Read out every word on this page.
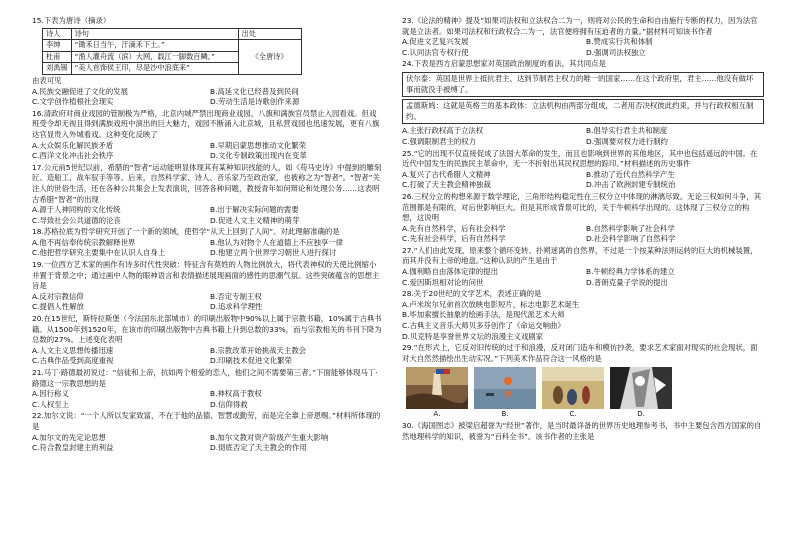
15.下表为唐诗（摘录）
诗人	诗句	出处
李绅	“锄禾日当午，汗滴禾下土。”	《全唐诗》
杜甫	“渔人灌舟流（滨）大网，载江一脚数百鳞。”	
刘禹锡	“美人首饰侯王印，尽是沙中浪底来”	
由表可见
A.民族交融促进了文化的发展	B.高延文化已经普及到民间
C.文学创作植根社会现实	D.劳动生活是诗歌创作来源
16.清政府对商业戏园的管制极为严格，北京内城严禁出现商业戏园，八旗和满族官员禁止入园看戏。但戏班受令却无视且得到满族戏班中演出的巨大魅力，戏园不断涌入北京城，且私营戏园也迅速发展，更有八旗达官显贵入外城看戏。这种变化反映了
A.大众娱乐化解民族矛盾	B.早期启蒙思想推动文化繁荣
C.西洋文化冲击社会秩序	D.文化专制政策出现内在变革
17.公元前5世纪以前，希腊的“智者”运动能明显体现其有某种知识找能的人，如《苟马史诗》中提到的雕刻匠、造船工、战车驭手等等。后来，自然科学家、诗人、音乐家乃至政治家，也被称之为“智者”。“智者”关注人的世俗生活，还在各种公共集会上发表演说，回答各种问题，教授青年如何辩论和处理公务……这表明古希腊“智者”的出现
A.源于人神同构的文化传统	B.出于解决实际问题的需要
C.导致社会公共道德的沦丧	D.促进人文主义精神的萌芽
18.苏格拉底为哲学研究开创了一个新的领域，使哲学“从天上回到了人间”。对此理解准确的是
A.他不再信奉传统宗教解释世界	B.他认为对物个人在道德上不应独享一律
C.他把哲学研究主要集中在认识人自身上	D.他建立两个世界学习朝世人进行探讨
19.一位西方艺术家的画作有诗多时代性突破：特征含有莫姓的人物比例放大，将代表神权的天使比例缩小并置于背景之中；通过画中人物的眼神语言和表情描述展现画面的感性的思潮气氛。这些突破蕴含的思想主旨是
A.反对宗教信仰	B.否定专制王权
C.提倡人性解放	D.追求科学理性
20.在15世纪，斯特拉斯堡（今法国东北部城市）的印刷出版物中90%以上属于宗教书籍，10%属于古典书籍。从1500年到1520年，在该市的印刷出版物中古典书籍上升到总数的33%，而与宗教相关的书刊下降为总数的27%。上述变化表明
A.人文主义思想传播迅速	B.宗教改革开始挑战天主教会
C.古典作品受到高度重视	D.印刷技术促进文化繁荣
21.马丁·路德最初说过：“信徒和上帝，抗如两个相爱的恋人，他们之间不需要第三者。”下面能够体现马丁·路德这一宗教思想的是
A.因行称义	B.神权高于教权
C.人权至上	D.信仰得救
22.加尔文说：“一个人所以发家致富，不在于他的品德、智慧或勤劳，而是完全靠上帝恩赐。”材料所体现的是
A.加尔文的先定论思想	B.加尔文教对资产阶级产生重大影响
C.符合教皇封建主的利益	D.彻底否定了天主教会的作用
23.《论法的精神》提及“如果司法权和立法权合二为一，则将对公民的生命和自由施行专断的权力，因为法官就是立法者。如果司法权和行政权合二为一，法官便将拥有压迫者的力量。”据材料可知该书作者
A.促进文艺复兴发展	B.赞成实行共和体制
C.认同法官专权行使	D.强调司法权独立
24.下表是西方启蒙思想家对英国政治制度的看法，其共同点是
伏尔泰：英国是世界上抵抗君主、达到节制君主权力的唯一的国家……在这个政府里，君主……他没有做坏事而就没手被缚了。
孟德斯鸠：这就是英格兰的基本政体：立法机构由两部分组成，二者用否决权彼此约束，并与行政权相互制约。
A.主张行政权高于立法权	B.倡导实行君主共和制度
C.强调限制君主的权力	D.强调要对权力进行制约
25.“它的出现不仅直接促成了法国大革命的发生，而且也影响到世界的其他地区，其中也包括遥远的中国。在近代中国发生的民族民主革命中，无一不折射出其民权思想的踪印。”材料描述的历史事件
A.复兴了古代希腊人文精神	B.推动了近代自然科学产生
C.打破了天主教会精神独裁	D.冲击了欧洲封建专制统治
26.三权分立的构想来源于数学理论，三角形结构稳定性在三权分立中体现的淋漓尽致。无论三权如何斗争，其范围都是有限的，对后世影响巨大。但是其形成背景可比的，关于牛顿科学出现的。这体现了三权分立的构想，这说明
A.先有自然科学，后有社会科学	B.自然科学影响了社会科学
C.先有社会科学，后有自然科学	D.社会科学影响了自然科学
27.“人们由此发现，原来整个循环变转、扑朔迷离的自然界，不过是一个按某种法则运转的巨大的机械装置，而其并没有上帝的地盘。”这种认识的产生是由于
A.伽利略自由落体定律的提出	B.牛顿经典力学体系的建立
C.爱因斯坦相对论的问世	D.普朗克量子学说的提出
28.关于20世纪的文学艺术，表述正确的是
A.卢米埃尔兄弟首次放映电影短片，标志电影艺术诞生
B.毕加索擅长抽象的绘画手法，是现代派艺术大师
C.古典主义音乐大师贝多芬创作了《命运交响曲》
D.贝克特是享誉世界文坛的浪漫主义戏剧家
29.“在形式上，它反对旧传统的过于和浪漫，反对闭门造车和模仿抄袭，要求艺术家面对现实的社会现状，面对大自然然描绘出生动实况。”下列美术作品符合这一风格的是
A.	B.	C.	D.
30.《海国图志》被梁启超誉为“经世”著作，是当时最详备的世界历史地理参考书，书中主要包含西方国家的自然地理科学的知识，被誉为“百科全书”。该书作者的主张是
